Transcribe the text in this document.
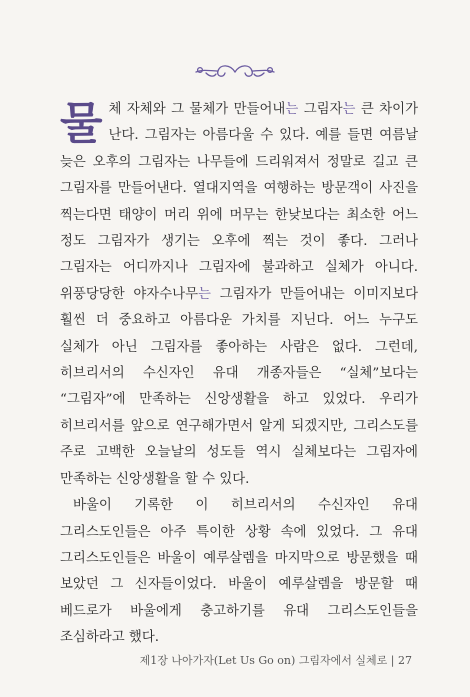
물체 자체와 그 물체가 만들어내는 그림자는 큰 차이가 난다. 그림자는 아름다울 수 있다. 예를 들면 여름날 늦은 오후의 그림자는 나무들에 드리워져서 정말로 길고 큰 그림자를 만들어낸다. 열대지역을 여행하는 방문객이 사진을 찍는다면 태양이 머리 위에 머무는 한낮보다는 최소한 어느 정도 그림자가 생기는 오후에 찍는 것이 좋다. 그러나 그림자는 어디까지나 그림자에 불과하고 실체가 아니다. 위풍당당한 야자수나무는 그림자가 만들어내는 이미지보다 훨씬 더 중요하고 아름다운 가치를 지닌다. 어느 누구도 실체가 아닌 그림자를 좋아하는 사람은 없다. 그런데, 히브리서의 수신자인 유대 개종자들은 “실체”보다는 “그림자”에 만족하는 신앙생활을 하고 있었다. 우리가 히브리서를 앞으로 연구해가면서 알게 되겠지만, 그리스도를 주로 고백한 오늘날의 성도들 역시 실체보다는 그림자에 만족하는 신앙생활을 할 수 있다.

바울이 기록한 이 히브리서의 수신자인 유대 그리스도인들은 아주 특이한 상황 속에 있었다. 그 유대 그리스도인들은 바울이 예루살렘을 마지막으로 방문했을 때 보았던 그 신자들이었다. 바울이 예루살렘을 방문할 때 베드로가 바울에게 충고하기를 유대 그리스도인들을 조심하라고 했다.

제1장 나아가자(Let Us Go on) 그림자에서 실체로 | 27
